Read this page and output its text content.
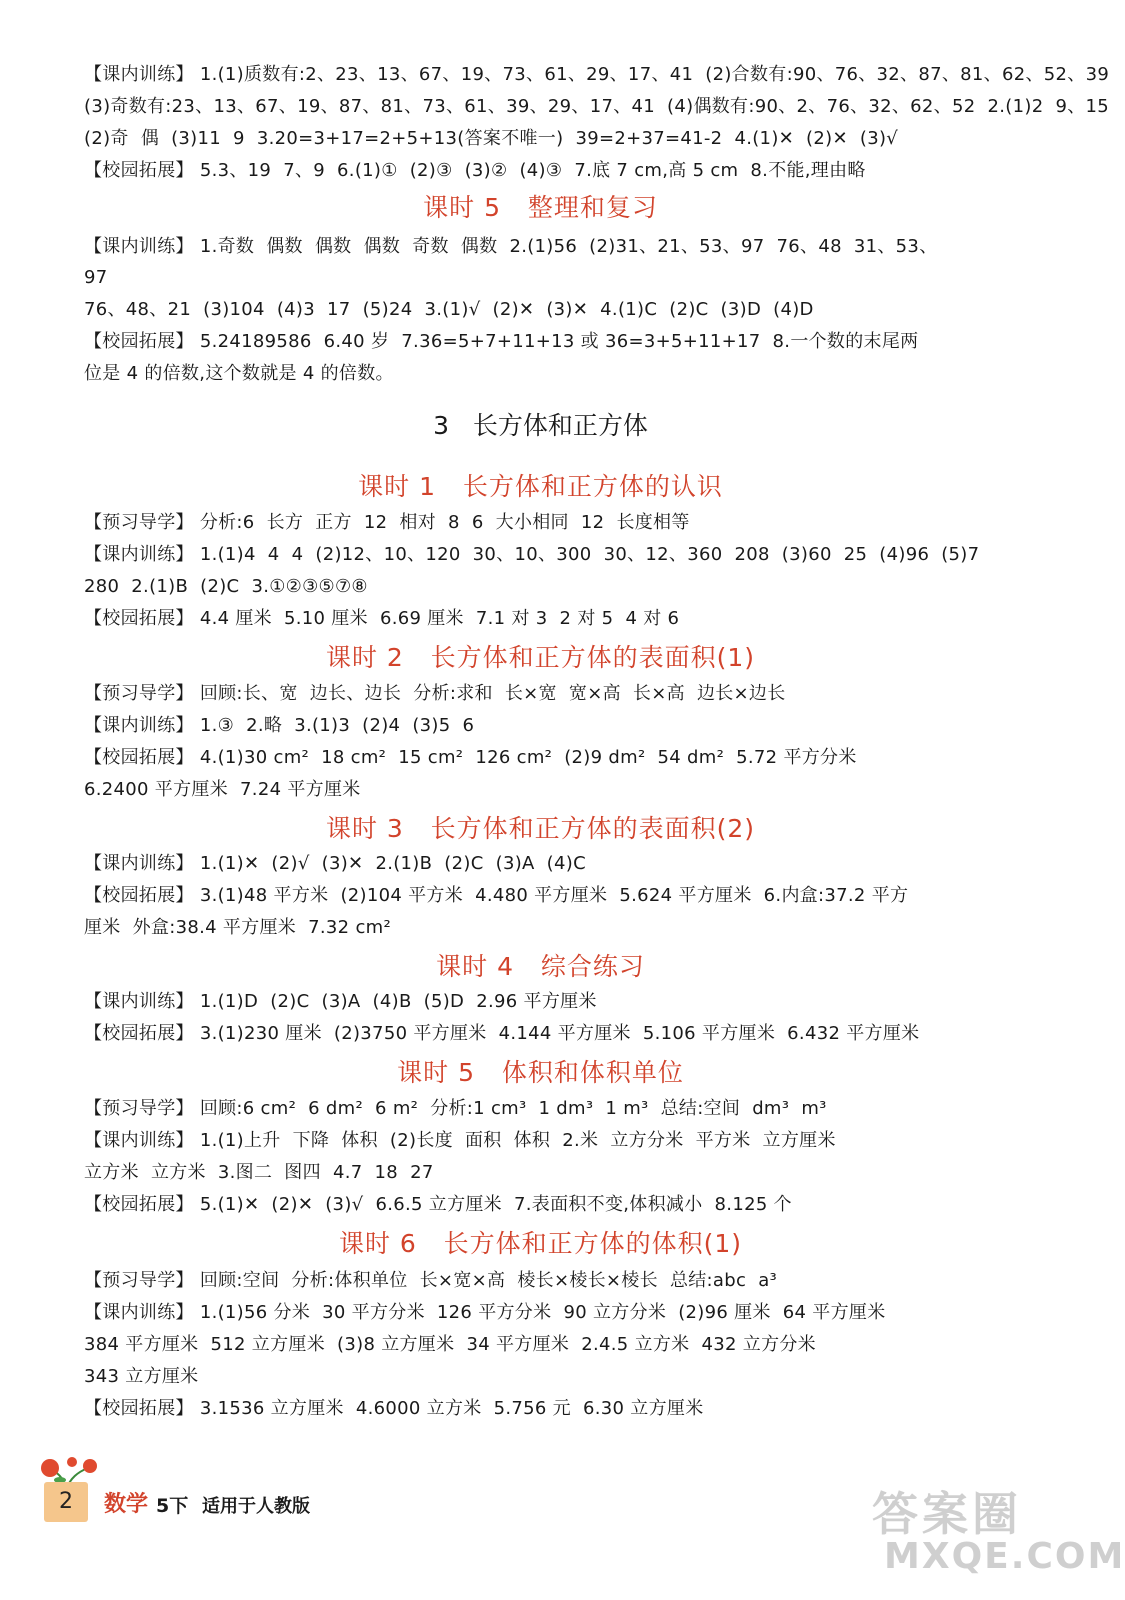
【课内训练】 1.(1)质数有:2、23、13、67、19、73、61、29、17、41  (2)合数有:90、76、32、87、81、62、52、39
(3)奇数有:23、13、67、19、87、81、73、61、39、29、17、41  (4)偶数有:90、2、76、32、62、52  2.(1)2  9、15
(2)奇  偶  (3)11  9  3.20=3+17=2+5+13(答案不唯一)  39=2+37=41-2  4.(1)✕  (2)✕  (3)√
【校园拓展】 5.3、19  7、9  6.(1)①  (2)③  (3)②  (4)③  7.底 7 cm,高 5 cm  8.不能,理由略
课时 5   整理和复习
【课内训练】 1.奇数  偶数  偶数  偶数  奇数  偶数  2.(1)56  (2)31、21、53、97  76、48  31、53、
97
76、48、21  (3)104  (4)3  17  (5)24  3.(1)√  (2)✕  (3)✕  4.(1)C  (2)C  (3)D  (4)D
【校园拓展】 5.24189586  6.40 岁  7.36=5+7+11+13 或 36=3+5+11+17  8.一个数的末尾两
位是 4 的倍数,这个数就是 4 的倍数。
3   长方体和正方体
课时 1   长方体和正方体的认识
【预习导学】 分析:6  长方  正方  12  相对  8  6  大小相同  12  长度相等
【课内训练】 1.(1)4  4  4  (2)12、10、120  30、10、300  30、12、360  208  (3)60  25  (4)96  (5)7
280  2.(1)B  (2)C  3.①②③⑤⑦⑧
【校园拓展】 4.4 厘米  5.10 厘米  6.69 厘米  7.1 对 3  2 对 5  4 对 6
课时 2   长方体和正方体的表面积(1)
【预习导学】 回顾:长、宽  边长、边长  分析:求和  长×宽  宽×高  长×高  边长×边长
【课内训练】 1.③  2.略  3.(1)3  (2)4  (3)5  6
【校园拓展】 4.(1)30 cm²  18 cm²  15 cm²  126 cm²  (2)9 dm²  54 dm²  5.72 平方分米
6.2400 平方厘米  7.24 平方厘米
课时 3   长方体和正方体的表面积(2)
【课内训练】 1.(1)✕  (2)√  (3)✕  2.(1)B  (2)C  (3)A  (4)C
【校园拓展】 3.(1)48 平方米  (2)104 平方米  4.480 平方厘米  5.624 平方厘米  6.内盒:37.2 平方
厘米  外盒:38.4 平方厘米  7.32 cm²
课时 4   综合练习
【课内训练】 1.(1)D  (2)C  (3)A  (4)B  (5)D  2.96 平方厘米
【校园拓展】 3.(1)230 厘米  (2)3750 平方厘米  4.144 平方厘米  5.106 平方厘米  6.432 平方厘米
课时 5   体积和体积单位
【预习导学】 回顾:6 cm²  6 dm²  6 m²  分析:1 cm³  1 dm³  1 m³  总结:空间  dm³  m³
【课内训练】 1.(1)上升  下降  体积  (2)长度  面积  体积  2.米  立方分米  平方米  立方厘米
立方米  立方米  3.图二  图四  4.7  18  27
【校园拓展】 5.(1)✕  (2)✕  (3)√  6.6.5 立方厘米  7.表面积不变,体积减小  8.125 个
课时 6   长方体和正方体的体积(1)
【预习导学】 回顾:空间  分析:体积单位  长×宽×高  棱长×棱长×棱长  总结:abc  a³
【课内训练】 1.(1)56 分米  30 平方分米  126 平方分米  90 立方分米  (2)96 厘米  64 平方厘米
384 平方厘米  512 立方厘米  (3)8 立方厘米  34 平方厘米  2.4.5 立方米  432 立方分米
343 立方厘米
【校园拓展】 3.1536 立方厘米  4.6000 立方米  5.756 元  6.30 立方厘米
2	数学 5下 适用于人教版	答案圈
MXQE.COM
